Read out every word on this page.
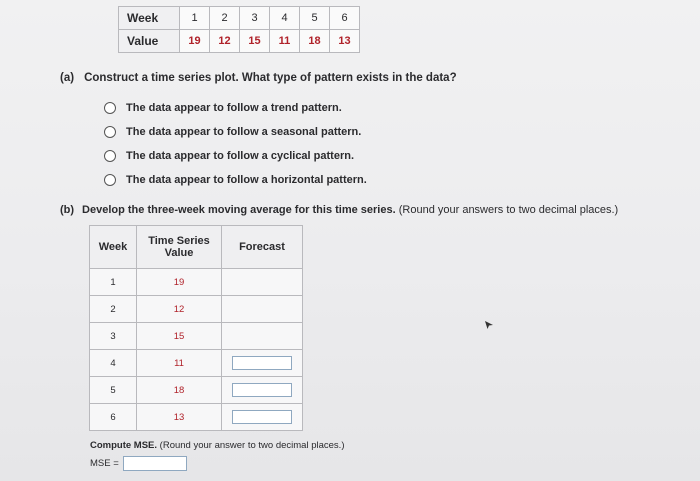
Week	1	2	3	4	5	6
Value	19	12	15	11	18	13
(a) Construct a time series plot. What type of pattern exists in the data?
The data appear to follow a trend pattern.
The data appear to follow a seasonal pattern.
The data appear to follow a cyclical pattern.
The data appear to follow a horizontal pattern.
(b) Develop the three-week moving average for this time series. (Round your answers to two decimal places.)
Week	Time Series Value	Forecast
1	19	
2	12	
3	15	
4	11	
5	18	
6	13	
Compute MSE. (Round your answer to two decimal places.)
MSE =
